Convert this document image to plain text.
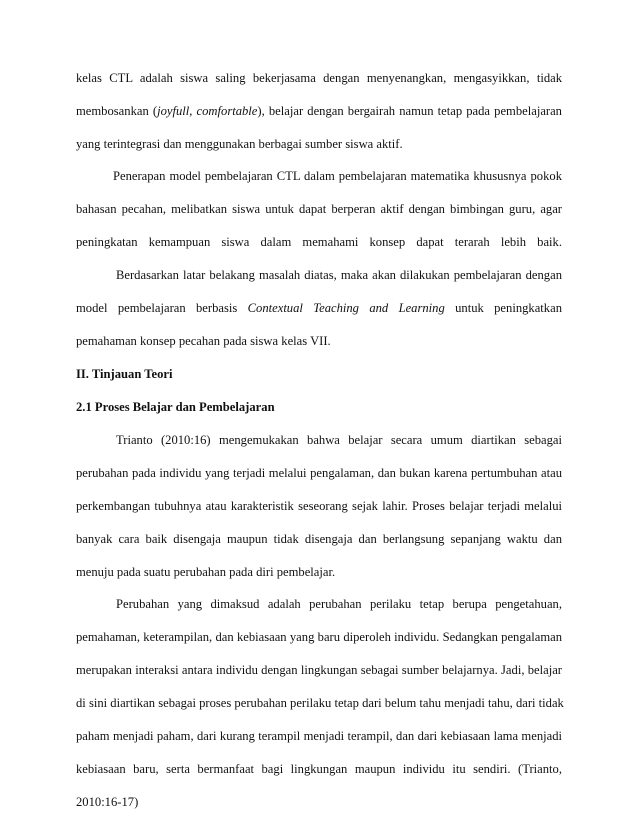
kelas CTL adalah siswa saling bekerjasama dengan menyenangkan, mengasyikkan, tidak
membosankan (joyfull, comfortable), belajar dengan bergairah namun tetap pada pembelajaran
yang terintegrasi dan menggunakan berbagai sumber siswa aktif.
Penerapan model pembelajaran CTL dalam pembelajaran matematika khususnya pokok
bahasan pecahan, melibatkan siswa untuk dapat berperan aktif dengan bimbingan guru, agar
peningkatan kemampuan siswa dalam memahami konsep dapat terarah lebih baik.
Berdasarkan latar belakang masalah diatas, maka akan dilakukan pembelajaran dengan
model pembelajaran berbasis Contextual Teaching and Learning untuk peningkatkan
pemahaman konsep pecahan pada siswa kelas VII.
II. Tinjauan Teori
2.1 Proses Belajar dan Pembelajaran
Trianto (2010:16) mengemukakan bahwa belajar secara umum diartikan sebagai
perubahan pada individu yang terjadi melalui pengalaman, dan bukan karena pertumbuhan atau
perkembangan tubuhnya atau karakteristik seseorang sejak lahir. Proses belajar terjadi melalui
banyak cara baik disengaja maupun tidak disengaja dan berlangsung sepanjang waktu dan
menuju pada suatu perubahan pada diri pembelajar.
Perubahan yang dimaksud adalah perubahan perilaku tetap berupa pengetahuan,
pemahaman, keterampilan, dan kebiasaan yang baru diperoleh individu. Sedangkan pengalaman
merupakan interaksi antara individu dengan lingkungan sebagai sumber belajarnya. Jadi, belajar
di sini diartikan sebagai proses perubahan perilaku tetap dari belum tahu menjadi tahu, dari tidak
paham menjadi paham, dari kurang terampil menjadi terampil, dan dari kebiasaan lama menjadi
kebiasaan baru, serta bermanfaat bagi lingkungan maupun individu itu sendiri. (Trianto,
2010:16-17)
